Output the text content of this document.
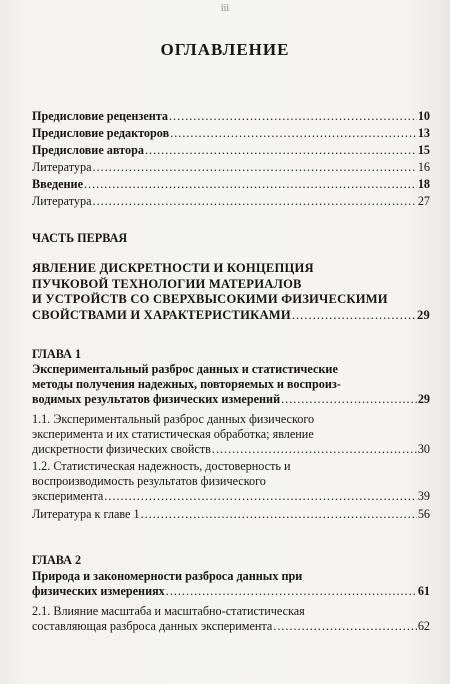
iii
ОГЛАВЛЕНИЕ
Предисловие рецензента .....	10
Предисловие редакторов .....	13
Предисловие автора .....	15
Литература .....	16
Введение .....	18
Литература .....	27
ЧАСТЬ ПЕРВАЯ
ЯВЛЕНИЕ ДИСКРЕТНОСТИ И КОНЦЕПЦИЯ
ПУЧКОВОЙ ТЕХНОЛОГИИ МАТЕРИАЛОВ
И УСТРОЙСТВ СО СВЕРХВЫСОКИМИ ФИЗИЧЕСКИМИ
СВОЙСТВАМИ И ХАРАКТЕРИСТИКАМИ .....	29
ГЛАВА 1
Экспериментальный разброс данных и статистические
методы получения надежных, повторяемых и воспроиз-
водимых результатов физических измерений .....	29
1.1. Экспериментальный разброс данных физического
эксперимента и их статистическая обработка; явление
дискретности физических свойств .....	30
1.2. Статистическая надежность, достоверность и
воспроизводимость результатов физического
эксперимента .....	39
Литература к главе 1 .....	56
ГЛАВА 2
Природа и закономерности разброса данных при
физических измерениях .....	61
2.1. Влияние масштаба и масштабно-статистическая
составляющая разброса данных эксперимента .....	62
